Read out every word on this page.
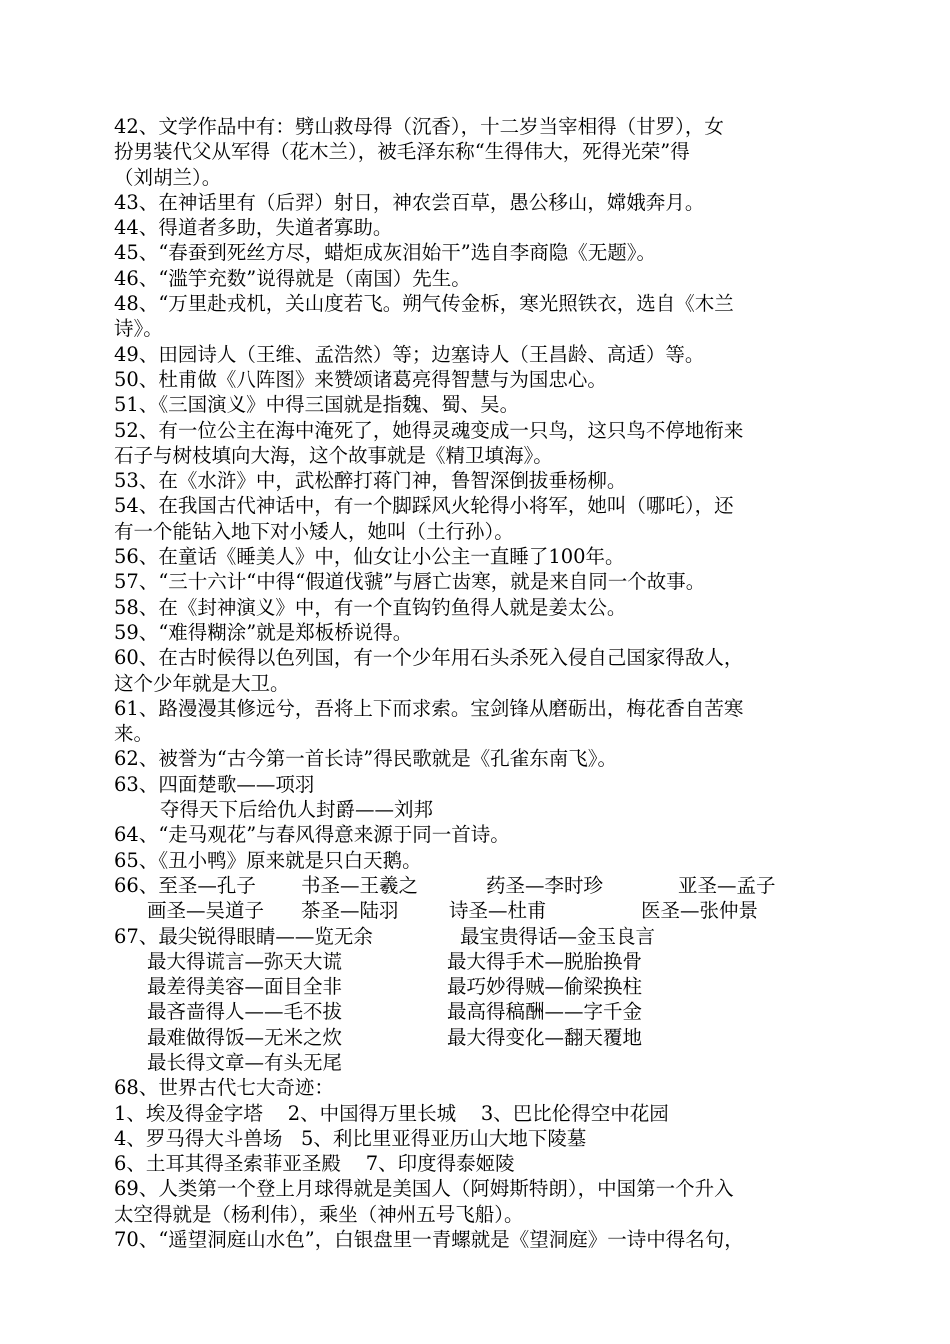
42、文学作品中有：劈山救母得（沉香），十二岁当宰相得（甘罗），女
扮男装代父从军得（花木兰），被毛泽东称“生得伟大，死得光荣”得
（刘胡兰）。
43、在神话里有（后羿）射日，神农尝百草，愚公移山，嫦娥奔月。
44、得道者多助，失道者寡助。
45、“春蚕到死丝方尽，蜡炬成灰泪始干”选自李商隐《无题》。
46、“滥竽充数”说得就是（南国）先生。
48、“万里赴戎机，关山度若飞。朔气传金柝，寒光照铁衣，选自《木兰
诗》。
49、田园诗人（王维、孟浩然）等；边塞诗人（王昌龄、高适）等。
50、杜甫做《八阵图》来赞颂诸葛亮得智慧与为国忠心。
51、《三国演义》中得三国就是指魏、蜀、吴。
52、有一位公主在海中淹死了，她得灵魂变成一只鸟，这只鸟不停地衔来
石子与树枝填向大海，这个故事就是《精卫填海》。
53、在《水浒》中，武松醉打蒋门神，鲁智深倒拔垂杨柳。
54、在我国古代神话中，有一个脚踩风火轮得小将军，她叫（哪吒），还
有一个能钻入地下对小矮人，她叫（土行孙）。
56、在童话《睡美人》中，仙女让小公主一直睡了100年。
57、“三十六计“中得“假道伐虢”与唇亡齿寒，就是来自同一个故事。
58、在《封神演义》中，有一个直钩钓鱼得人就是姜太公。
59、“难得糊涂”就是郑板桥说得。
60、在古时候得以色列国，有一个少年用石头杀死入侵自己国家得敌人，
这个少年就是大卫。
61、路漫漫其修远兮，吾将上下而求索。宝剑锋从磨砺出，梅花香自苦寒
来。
62、被誉为“古今第一首长诗”得民歌就是《孔雀东南飞》。
63、四面楚歌——项羽
夺得天下后给仇人封爵——刘邦
64、“走马观花”与春风得意来源于同一首诗。
65、《丑小鸭》原来就是只白天鹅。
66、至圣—孔子	书圣—王羲之	药圣—李时珍	亚圣—孟子
画圣—吴道子	茶圣—陆羽	诗圣—杜甫	医圣—张仲景
67、最尖锐得眼睛——览无余	最宝贵得话—金玉良言
最大得谎言—弥天大谎	最大得手术—脱胎换骨
最差得美容—面目全非	最巧妙得贼—偷梁换柱
最吝啬得人——毛不拔	最高得稿酬——字千金
最难做得饭—无米之炊	最大得变化—翻天覆地
最长得文章—有头无尾
68、世界古代七大奇迹：
1、埃及得金字塔    2、中国得万里长城    3、巴比伦得空中花园
4、罗马得大斗兽场   5、利比里亚得亚历山大地下陵墓
6、土耳其得圣索菲亚圣殿    7、印度得泰姬陵
69、人类第一个登上月球得就是美国人（阿姆斯特朗），中国第一个升入
太空得就是（杨利伟），乘坐（神州五号飞船）。
70、“遥望洞庭山水色”，白银盘里一青螺就是《望洞庭》一诗中得名句，
